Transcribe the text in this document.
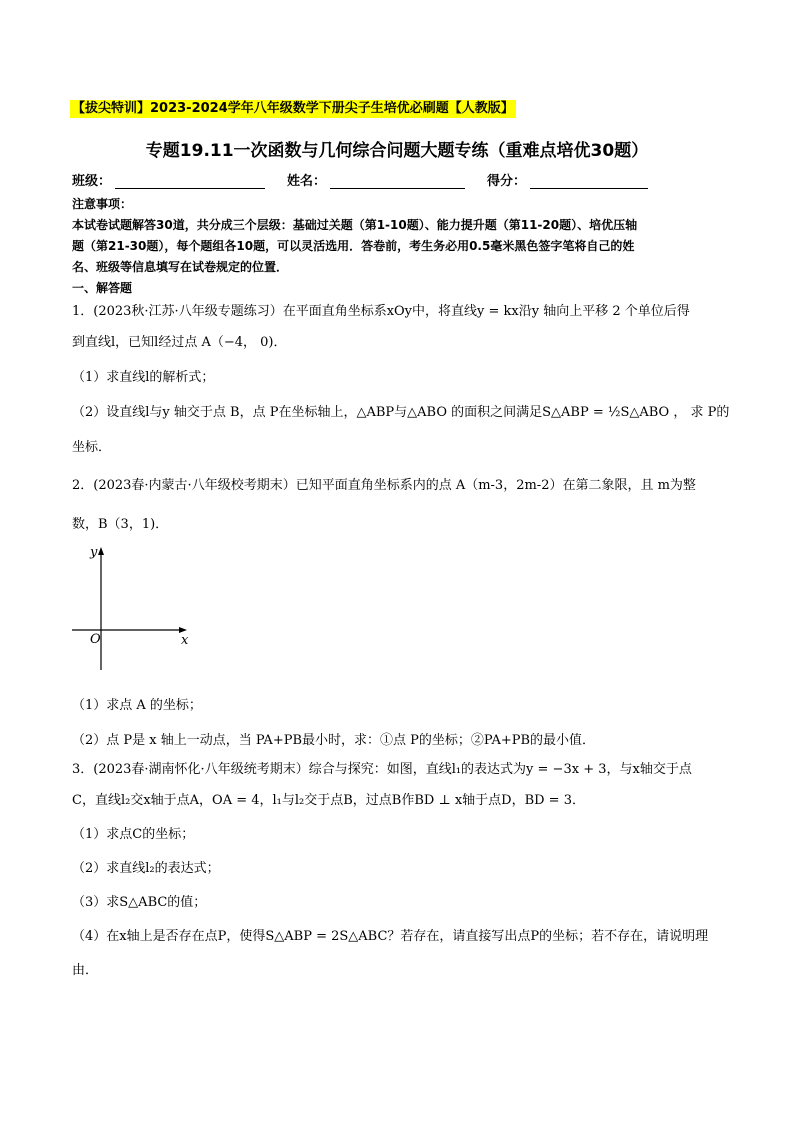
【拔尖特训】2023-2024学年八年级数学下册尖子生培优必刷题【人教版】
专题19.11一次函数与几何综合问题大题专练（重难点培优30题）
班级：	姓名：	得分：

注意事项：

本试卷试题解答30道，共分成三个层级：基础过关题（第1-10题）、能力提升题（第11-20题）、培优压轴

题（第21-30题），每个题组各10题，可以灵活选用．答卷前，考生务必用0.5毫米黑色签字笔将自己的姓

名、班级等信息填写在试卷规定的位置．

一、解答题

1．(2023秋·江苏·八年级专题练习）在平面直角坐标系xOy中，将直线y = kx沿y 轴向上平移 2 个单位后得

到直线l，已知l经过点 A（−4， 0)．

（1）求直线l的解析式；

（2）设直线l与y 轴交于点 B，点 P在坐标轴上，△ABP与△ABO 的面积之间满足S△ABP = ½S△ABO ， 求 P的

坐标．

2．(2023春·内蒙古·八年级校考期末）已知平面直角坐标系内的点 A（m-3，2m-2）在第二象限，且 m为整

数，B（3，1)．

y
x
O

（1）求点 A 的坐标；

（2）点 P是 x 轴上一动点，当 PA+PB最小时，求：①点 P的坐标；②PA+PB的最小值．

3．(2023春·湖南怀化·八年级统考期末）综合与探究：如图，直线l₁的表达式为y = −3x + 3，与x轴交于点

C，直线l₂交x轴于点A，OA = 4，l₁与l₂交于点B，过点B作BD ⊥ x轴于点D，BD = 3．

（1）求点C的坐标；

（2）求直线l₂的表达式；

（3）求S△ABC的值；

（4）在x轴上是否存在点P，使得S△ABP = 2S△ABC？若存在，请直接写出点P的坐标；若不存在，请说明理

由．
